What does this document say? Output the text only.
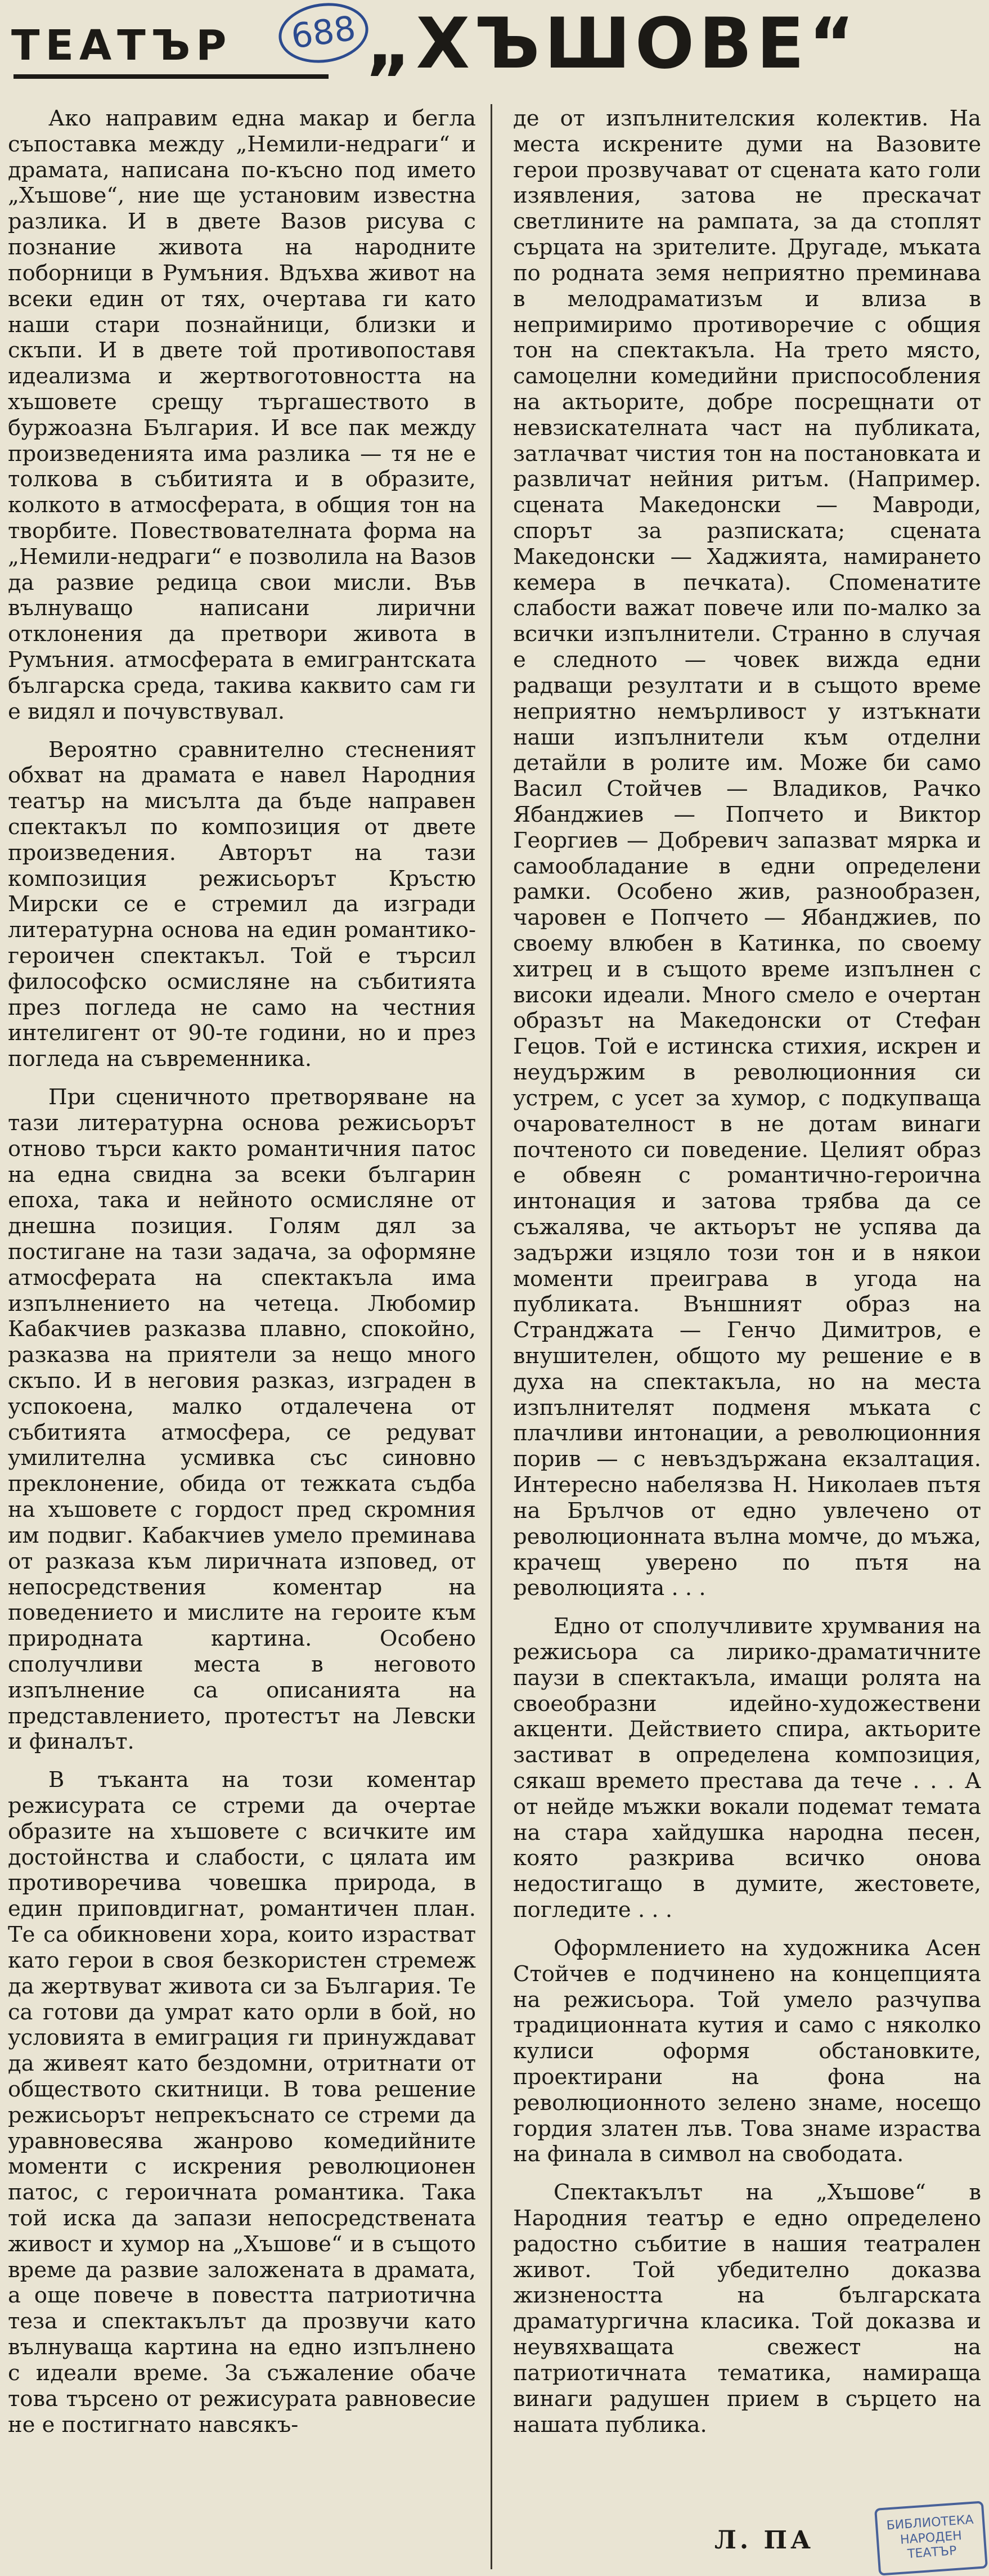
ТЕАТЪР	688 „ХЪШОВЕ“

Ако направим една макар и бегла съпоставка между „Немили-недраги“ и драмата, написана по-късно под името „Хъшове“, ние ще установим известна разлика. И в двете Вазов рисува с познание живота на народните поборници в Румъния. Вдъхва живот на всеки един от тях, очертава ги като наши стари познайници, близки и скъпи. И в двете той противопоставя идеализма и жертвоготовността на хъшовете срещу търгашеството в буржоазна България. И все пак между произведенията има разлика — тя не е толкова в събитията и в образите, колкото в атмосферата, в общия тон на творбите. Повествователната форма на „Немили-недраги“ е позволила на Вазов да развие редица свои мисли. Във вълнуващо написани лирични отклонения да претвори живота в Румъния. атмосферата в емигрантската българска среда, такива каквито сам ги е видял и почувствувал.

Вероятно сравнително стесненият обхват на драмата е навел Народния театър на мисълта да бъде направен спектакъл по композиция от двете произведения. Авторът на тази композиция режисьорът Кръстю Мирски се е стремил да изгради литературна основа на един романтико-героичен спектакъл. Той е търсил философско осмисляне на събитията през погледа не само на честния интелигент от 90-те години, но и през погледа на съвременника.

При сценичното претворяване на тази литературна основа режисьорът отново търси както романтичния патос на една свидна за всеки българин епоха, така и нейното осмисляне от днешна позиция. Голям дял за постигане на тази задача, за оформяне атмосферата на спектакъла има изпълнението на четеца. Любомир Кабакчиев разказва плавно, спокойно, разказва на приятели за нещо много скъпо. И в неговия разказ, изграден в успокоена, малко отдалечена от събитията атмосфера, се редуват умилителна усмивка със синовно преклонение, обида от тежката съдба на хъшовете с гордост пред скромния им подвиг. Кабакчиев умело преминава от разказа към лиричната изповед, от непосредствения коментар на поведението и мислите на героите към природната картина. Особено сполучливи места в неговото изпълнение са описанията на представлението, протестът на Левски и финалът.

В тъканта на този коментар режисурата се стреми да очертае образите на хъшовете с всичките им достойнства и слабости, с цялата им противоречива човешка природа, в един приповдигнат, романтичен план. Те са обикновени хора, които израстват като герои в своя безкористен стремеж да жертвуват живота си за България. Те са готови да умрат като орли в бой, но условията в емиграция ги принуждават да живеят като бездомни, отритнати от обществото скитници. В това решение режисьорът непрекъснато се стреми да уравновесява жанрово комедийните моменти с искрения революционен патос, с героичната романтика. Така той иска да запази непосредствената живост и хумор на „Хъшове“ и в същото време да развие заложената в драмата, а още повече в повестта патриотична теза и спектакълът да прозвучи като вълнуваща картина на едно изпълнено с идеали време. За съжаление обаче това търсено от режисурата равновесие не е постигнато навсякъ-

де от изпълнителския колектив. На места искрените думи на Вазовите герои прозвучават от сцената като голи изявления, затова не прескачат светлините на рампата, за да стоплят сърцата на зрителите. Другаде, мъката по родната земя неприятно преминава в мелодраматизъм и влиза в непримиримо противоречие с общия тон на спектакъла. На трето място, самоцелни комедийни приспособления на актьорите, добре посрещнати от невзискателната част на публиката, затлачват чистия тон на постановката и развличат нейния ритъм. (Например. сцената Македонски — Мавроди, спорът за разписката; сцената Македонски — Хаджията, намирането кемера в печката). Споменатите слабости важат повече или по-малко за всички изпълнители. Странно в случая е следното — човек вижда едни радващи резултати и в същото време неприятно немърливост у изтъкнати наши изпълнители към отделни детайли в ролите им. Може би само Васил Стойчев — Владиков, Рачко Ябанджиев — Попчето и Виктор Георгиев — Добревич запазват мярка и самообладание в едни определени рамки. Особено жив, разнообразен, чаровен е Попчето — Ябанджиев, по своему влюбен в Катинка, по своему хитрец и в същото време изпълнен с високи идеали. Много смело е очертан образът на Македонски от Стефан Гецов. Той е истинска стихия, искрен и неудържим в революционния си устрем, с усет за хумор, с подкупваща очарователност в не дотам винаги почтеното си поведение. Целият образ е обвеян с романтично-героична интонация и затова трябва да се съжалява, че актьорът не успява да задържи изцяло този тон и в някои моменти преиграва в угода на публиката. Външният образ на Странджата — Генчо Димитров, е внушителен, общото му решение е в духа на спектакъла, но на места изпълнителят подменя мъката с плачливи интонации, а революционния порив — с невъздържана екзалтация. Интересно набелязва Н. Николаев пътя на Брълчов от едно увлечено от революционната вълна момче, до мъжа, крачещ уверено по пътя на революцията . . .

Едно от сполучливите хрумвания на режисьора са лирико-драматичните паузи в спектакъла, имащи ролята на своеобразни идейно-художествени акценти. Действието спира, актьорите застиват в определена композиция, сякаш времето престава да тече . . . А от нейде мъжки вокали подемат темата на стара хайдушка народна песен, която разкрива всичко онова недостигащо в думите, жестовете, погледите . . .

Оформлението на художника Асен Стойчев е подчинено на концепцията на режисьора. Той умело разчупва традиционната кутия и само с няколко кулиси оформя обстановките, проектирани на фона на революционното зелено знаме, носещо гордия златен лъв. Това знаме израства на финала в символ на свободата.

Спектакълът на „Хъшове“ в Народния театър е едно определено радостно събитие в нашия театрален живот. Той убедително доказва жизнеността на българската драматургична класика. Той доказва и неувяхващата свежест на патриотичната тематика, намираща винаги радушен прием в сърцето на нашата публика.

Л. ПА
БИБЛИОТЕКА
НАРОДЕН
ТЕАТЪР
